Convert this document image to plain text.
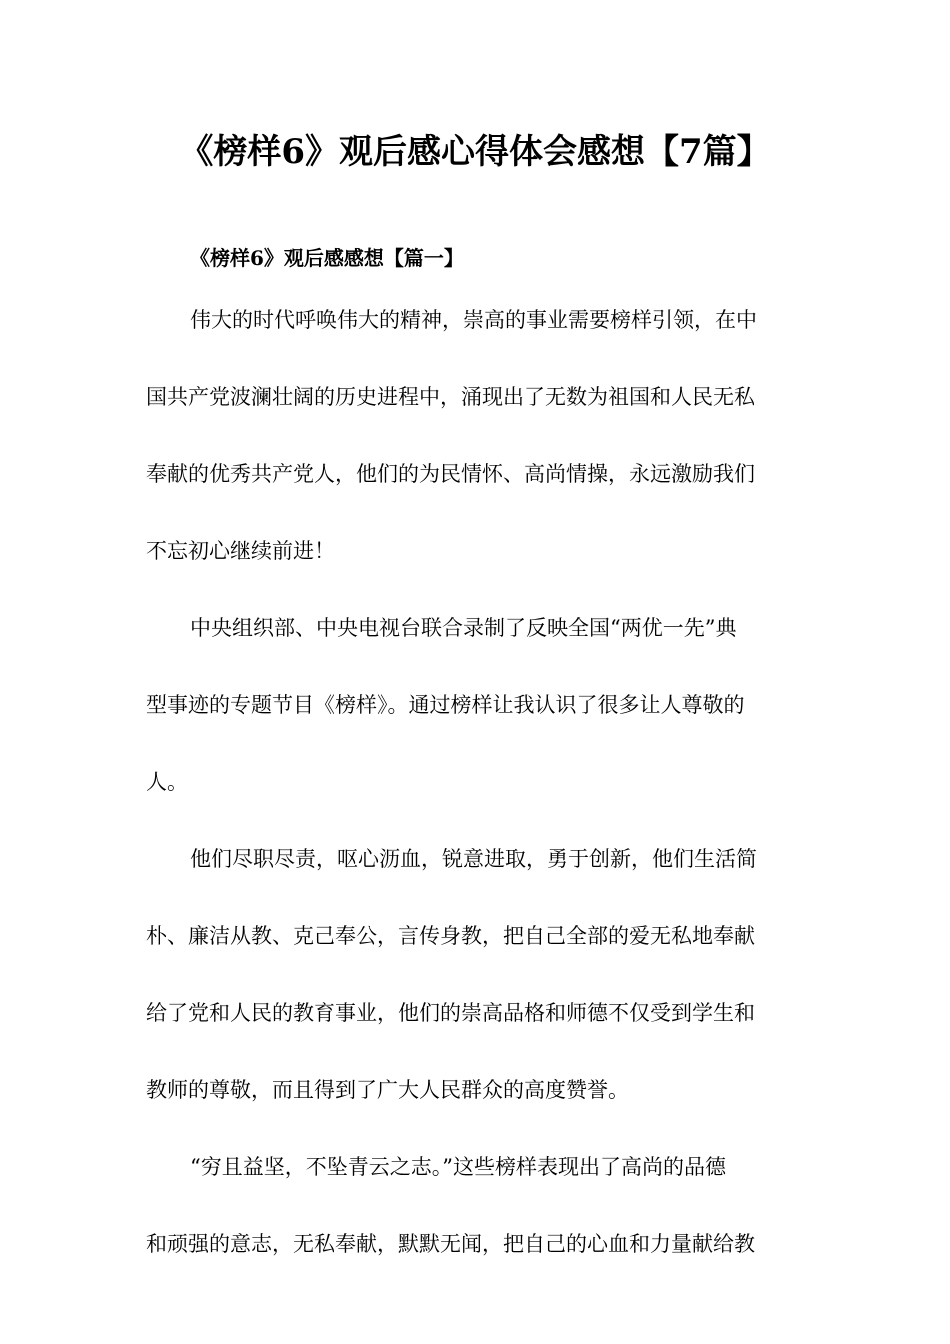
《榜样6》观后感心得体会感想【7篇】
《榜样6》观后感感想【篇一】
伟大的时代呼唤伟大的精神，崇高的事业需要榜样引领，在中
国共产党波澜壮阔的历史进程中，涌现出了无数为祖国和人民无私
奉献的优秀共产党人，他们的为民情怀、高尚情操，永远激励我们
不忘初心继续前进！
中央组织部、中央电视台联合录制了反映全国“两优一先”典
型事迹的专题节目《榜样》。通过榜样让我认识了很多让人尊敬的
人。
他们尽职尽责，呕心沥血，锐意进取，勇于创新，他们生活简
朴、廉洁从教、克己奉公，言传身教，把自己全部的爱无私地奉献
给了党和人民的教育事业，他们的崇高品格和师德不仅受到学生和
教师的尊敬，而且得到了广大人民群众的高度赞誉。
“穷且益坚，不坠青云之志。”这些榜样表现出了高尚的品德
和顽强的意志，无私奉献，默默无闻，把自己的心血和力量献给教
